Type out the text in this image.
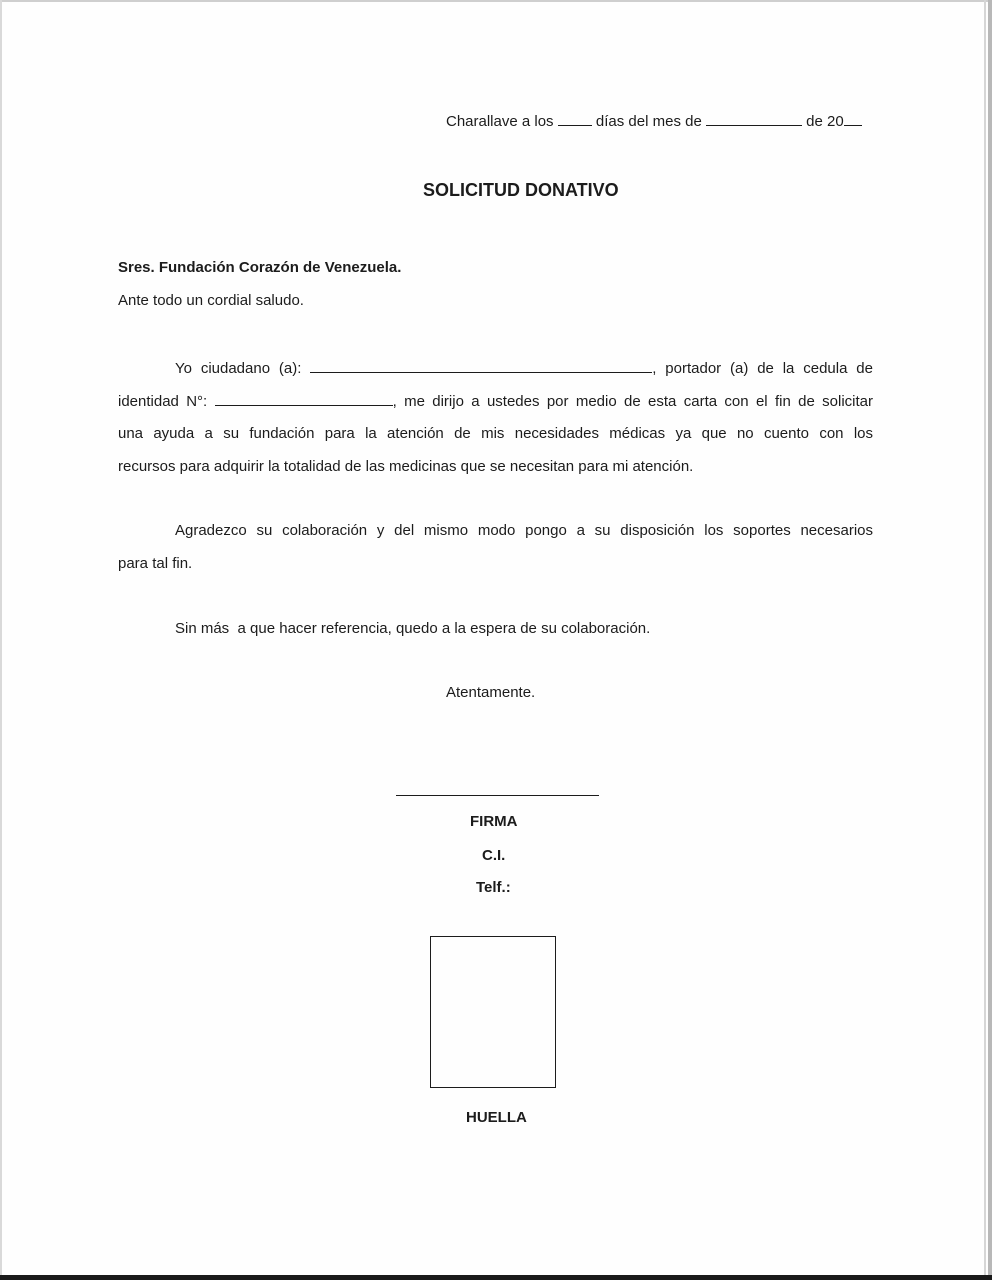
Charallave a los	días del mes de	de 20
SOLICITUD DONATIVO
Sres. Fundación Corazón de Venezuela.
Ante todo un cordial saludo.
Yo ciudadano (a):	, portador (a) de la cedula de
identidad N°:	, me dirijo a ustedes por medio de esta carta con el fin de solicitar
una ayuda a su fundación para la atención de mis necesidades médicas ya que no cuento con los
recursos para adquirir la totalidad de las medicinas que se necesitan para mi atención.
Agradezco su colaboración y del mismo modo pongo a su disposición los soportes necesarios
para tal fin.
Sin más  a que hacer referencia, quedo a la espera de su colaboración.
Atentamente.
FIRMA
C.I.
Telf.:
HUELLA
